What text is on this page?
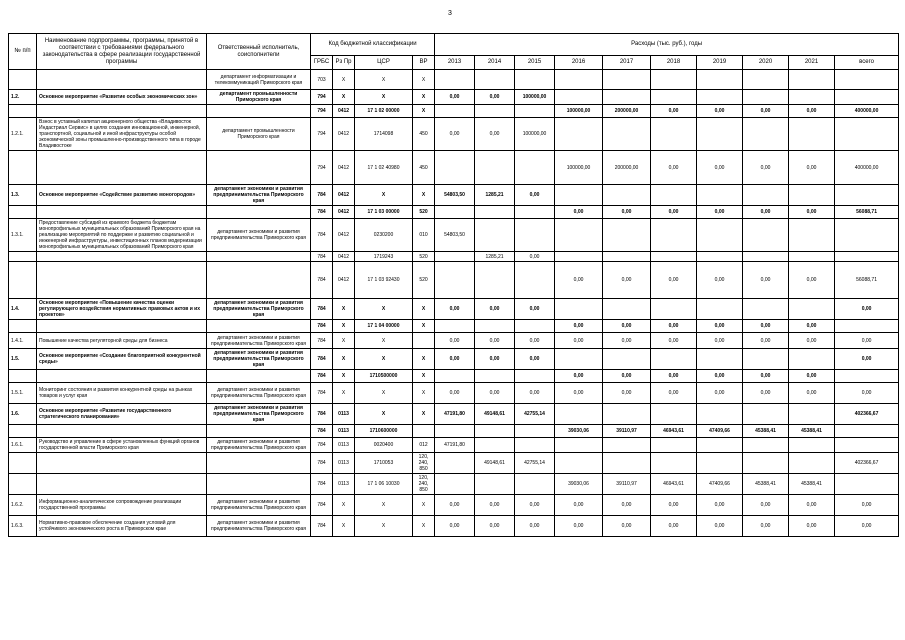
3
№ п/п	Наименование подпрограммы, программы, принятой в соответствии с требованиями федерального законодательства в сфере реализации государственной программы	Ответственный исполнитель, соисполнители	Код бюджетной классификации				Расходы (тыс. руб.), годы									
			ГРБС	Рз Пр	ЦСР	ВР	2013	2014	2015	2016	2017	2018	2019	2020	2021	всего
		департамент информатизации и телекоммуникаций Приморского края	703	Х	Х	Х										
1.2.	Основное мероприятие «Развитие особых экономических зон»	департамент промышленности Приморского края	794	Х	Х	Х	0,00	0,00	100000,00							
			794	0412	17 1 02 00000	Х				100000,00	200000,00	0,00	0,00	0,00	0,00	400000,00
1.2.1.	Взнос в уставный капитал акционерного общества «Владивосток Индастриал Сервис» в целях создания инновационной, инженерной, транспортной, социальной и иной инфраструктуры особой экономической зоны промышленно-производственного типа в городе Владивостоке	департамент промышленности Приморского края	794	0412	1714098	450	0,00	0,00	100000,00							
			794	0412	17 1 02 40980	450				100000,00	200000,00	0,00	0,00	0,00	0,00	400000,00
1.3.	Основное мероприятие «Содействие развитию моногородов»	департамент экономики и развития предпринимательства Приморского края	784	0412	Х	Х	54803,50	1285,21	0,00							
			784	0412	17 1 03 00000	520				0,00	0,00	0,00	0,00	0,00	0,00	56088,71
1.3.1.	Предоставление субсидий из краевого бюджета бюджетам монопрофильных муниципальных образований Приморского края на реализацию мероприятий по поддержке и развитию социальной и инженерной инфраструктуры, инвестиционных планов модернизации монопрофильных муниципальных образований Приморского края	департамент экономики и развития предпринимательства Приморского края	784	0412	0230200	010	54803,50									
			784	0412	1719243	520		1285,21	0,00							
			784	0412	17 1 03 92430	520				0,00	0,00	0,00	0,00	0,00	0,00	56088,71
1.4.	Основное мероприятие «Повышение качества оценки регулирующего воздействия нормативных правовых актов и их проектов»	департамент экономики и развития предпринимательства Приморского края	784	Х	Х	Х	0,00	0,00	0,00							0,00
			784	Х	17 1 04 00000	Х				0,00	0,00	0,00	0,00	0,00	0,00	
1.4.1.	Повышение качества регуляторной среды для бизнеса	департамент экономики и развития предпринимательства Приморского края	784	Х	Х		0,00	0,00	0,00	0,00	0,00	0,00	0,00	0,00	0,00	0,00
1.5.	Основное мероприятие «Создание благоприятной конкурентной среды»	департамент экономики и развития предпринимательства Приморского края	784	Х	Х	Х	0,00	0,00	0,00							0,00
			784	Х	1710500000	Х				0,00	0,00	0,00	0,00	0,00	0,00	
1.5.1.	Мониторинг состояния и развития конкурентной среды на рынках товаров и услуг края	департамент экономики и развития предпринимательства Приморского края	784	Х	Х	Х	0,00	0,00	0,00	0,00	0,00	0,00	0,00	0,00	0,00	0,00
1.6.	Основное мероприятие «Развитие государственного стратегического планирования»	департамент экономики и развития предпринимательства Приморского края	784	0113	Х	Х	47191,80	49148,61	42755,14							402366,67
			784	0113	1710600000					39030,06	39110,97	46943,61	47409,66	45388,41	45388,41	
1.6.1.	Руководство и управление в сфере установленных функций органов государственной власти Приморского края	департамент экономики и развития предпринимательства Приморского края	784	0113	0020400	012	47191,80									
			784	0113	1710053	120, 240, 850		49148,61	42755,14							402366,67
			784	0113	17 1 06 10030	120, 240, 850				39030,06	39110,97	46943,61	47409,66	45388,41	45388,41	
1.6.2.	Информационно-аналитическое сопровождение реализации государственной программы	департамент экономики и развития предпринимательства Приморского края	784	Х	Х	Х	0,00	0,00	0,00	0,00	0,00	0,00	0,00	0,00	0,00	0,00
1.6.3.	Нормативно-правовое обеспечение создания условий для устойчивого экономического роста в Приморском крае	департамент экономики и развития предпринимательства Приморского края	784	Х	Х	Х	0,00	0,00	0,00	0,00	0,00	0,00	0,00	0,00	0,00	0,00
